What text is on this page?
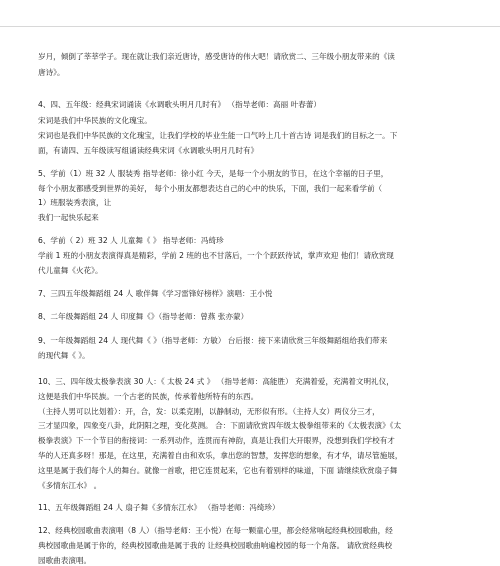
岁月，倾倒了莘莘学子。现在就让我们亲近唐诗，感受唐诗的伟大吧！请欣赏二、三年级小朋友带来的《读
唐诗》。
4、四、五年级：经典宋词诵读《水调歌头明月几时有》 （指导老师：高丽 叶春蕾）
宋词是我们中华民族的文化瑰宝。
宋词也是我们中华民族的文化瑰宝，让我们学校的毕业生能一口气吟上几十首古诗 词是我们的目标之一。下
面，有请四、五年级读写组诵读经典宋词《水调歌头明月几时有》
5、学前（1）班 32 人 服装秀 指导老师：徐小红 今天，是每一个小朋友的节日，在这个幸福的日子里，
每个小朋友都感受到世界的美好， 每个小朋友都想表达自己的心中的快乐，下面，我们一起来看学前（
1）班服装秀表演，让
我们一起快乐起来
6、学前（ 2）班 32 人 儿童舞《 》 指导老师：冯绮珍
学前 1 班的小朋友表演得真是精彩，学前 2 班的也不甘落后，一个个跃跃待试，掌声欢迎 他们！请欣赏现
代儿童舞《火花》。
7、三四五年级舞蹈组 24 人 歌伴舞《学习雷锋好榜样》演唱：王小悦
8、二年级舞蹈组 24 人 印度舞《》（指导老师：曾燕 张亦蒙）
9、一年级舞蹈组 24 人 现代舞《 》（指导老师：方敏） 台后报：接下来请欣赏三年级舞蹈组给我们带来
的现代舞《 》。
10、三、四年级太极拳表演 30 人：《 太极 24 式 》 （指导老师：高能胜） 充满着爱，充满着文明礼仪，
这便是我们中华民族。一个古老的民族，传承着他所特有的东西。
（主持人男可以比划着）：开，合，发：以柔克刚，以静制动，无形似有形。（主持人女）两仪分三才，
三才显四象，四象变八卦，此阴阳之理，变化莫测。 合：下面请欣赏四年级太极拳组带来的《太极表演》《太
极拳表演》下一个节目的衔接词：一系列动作，连贯而有神韵，真是让我们大开眼界，没想到我们学校有才
华的人还真多呀！那是，在这里，充满着自由和欢乐，拿出您的智慧，发挥您的想象，有才华，请尽管施展，
这里是属于我们每个人的舞台。就像一首歌，把它连贯起来，它也有着别样的味道，下面 请继续欣赏扇子舞
《多情东江水》 。
11、五年级舞蹈组 24 人 扇子舞《多情东江水》 （指导老师：冯绮珍）
12、经典校园歌曲表演唱（8 人）（指导老师：王小悦）在每一颗童心里，都会经常响起经典校园歌曲，经
典校园歌曲是属于你的，经典校园歌曲是属于我的 让经典校园歌曲响遍校园的每一个角落。 请欣赏经典校
园歌曲表演唱。
